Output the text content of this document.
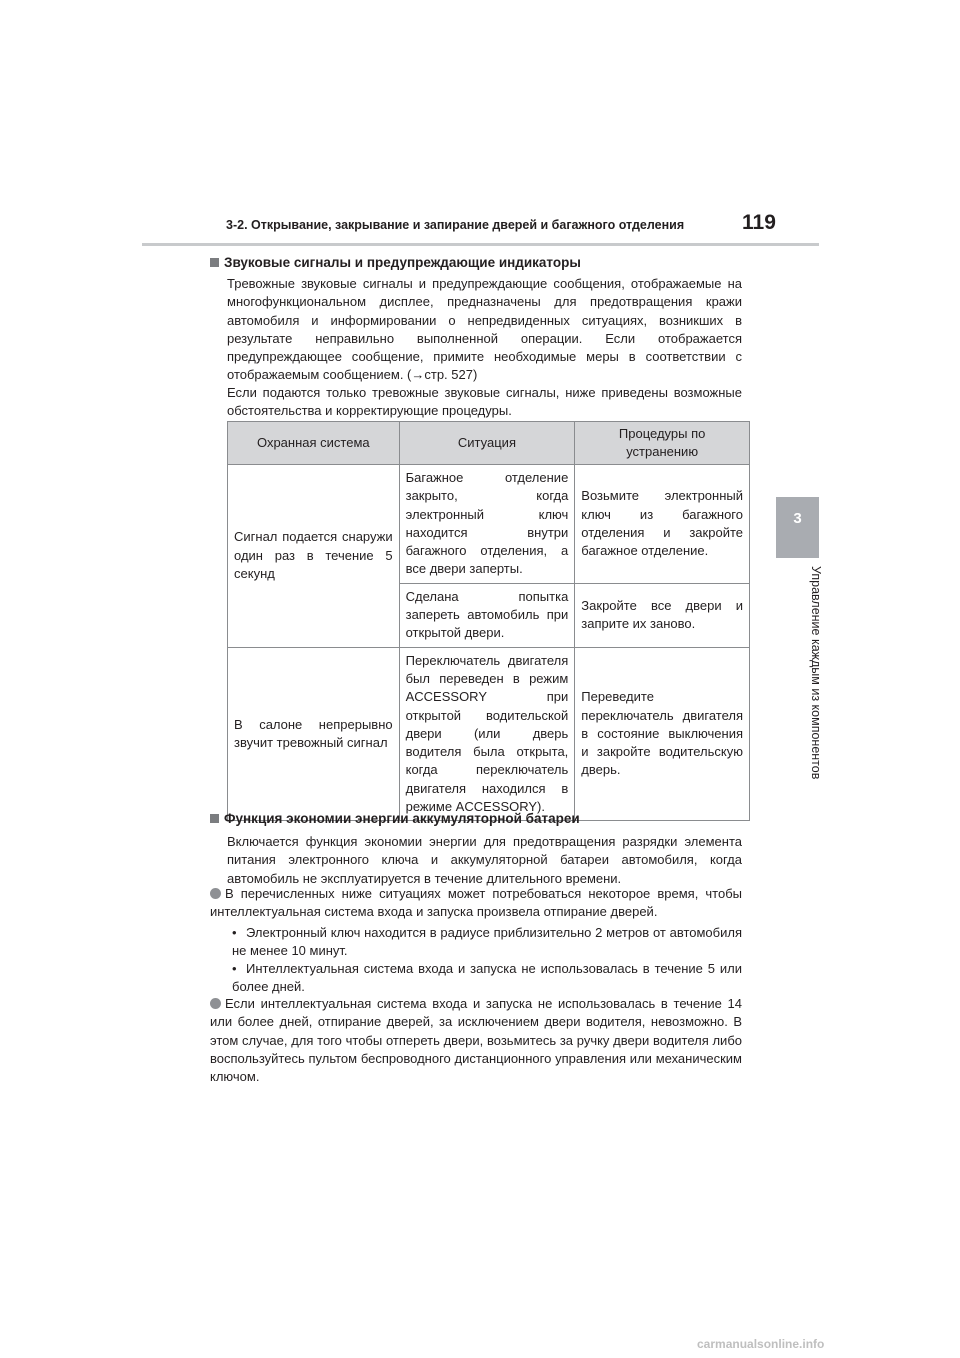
3-2. Открывание, закрывание и запирание дверей и багажного отделения	119
3
Управление каждым из компонентов
Звуковые сигналы и предупреждающие индикаторы
Тревожные звуковые сигналы и предупреждающие сообщения, отображаемые на многофункциональном дисплее, предназначены для предотвращения кражи автомобиля и информировании о непредвиденных ситуациях, возникших в результате неправильно выполненной операции. Если отображается предупреждающее сообщение, примите необходимые меры в соответствии с отображаемым сообщением. (→стр. 527)
Если подаются только тревожные звуковые сигналы, ниже приведены возможные обстоятельства и корректирующие процедуры.
Охранная система	Ситуация	Процедуры по устранению
Сигнал подается снаружи один раз в течение 5 секунд	Багажное отделение закрыто, когда электронный ключ находится внутри багажного отделения, а все двери заперты.	Возьмите электронный ключ из багажного отделения и закройте багажное отделение.
	Сделана попытка запереть автомобиль при открытой двери.	Закройте все двери и заприте их заново.
В салоне непрерывно звучит тревожный сигнал	Переключатель двигателя был переведен в режим ACCESSORY при открытой водительской двери (или дверь водителя была открыта, когда переключатель двигателя находился в режиме ACCESSORY).	Переведите переключатель двигателя в состояние выключения и закройте водительскую дверь.
Функция экономии энергии аккумуляторной батареи
Включается функция экономии энергии для предотвращения разрядки элемента питания электронного ключа и аккумуляторной батареи автомобиля, когда автомобиль не эксплуатируется в течение длительного времени.
В перечисленных ниже ситуациях может потребоваться некоторое время, чтобы интеллектуальная система входа и запуска произвела отпирание дверей.
• Электронный ключ находится в радиусе приблизительно 2 метров от автомобиля не менее 10 минут.
• Интеллектуальная система входа и запуска не использовалась в течение 5 или более дней.
Если интеллектуальная система входа и запуска не использовалась в течение 14 или более дней, отпирание дверей, за исключением двери водителя, невозможно. В этом случае, для того чтобы отпереть двери, возьмитесь за ручку двери водителя либо воспользуйтесь пультом беспроводного дистанционного управления или механическим ключом.
carmanualsonline.info
